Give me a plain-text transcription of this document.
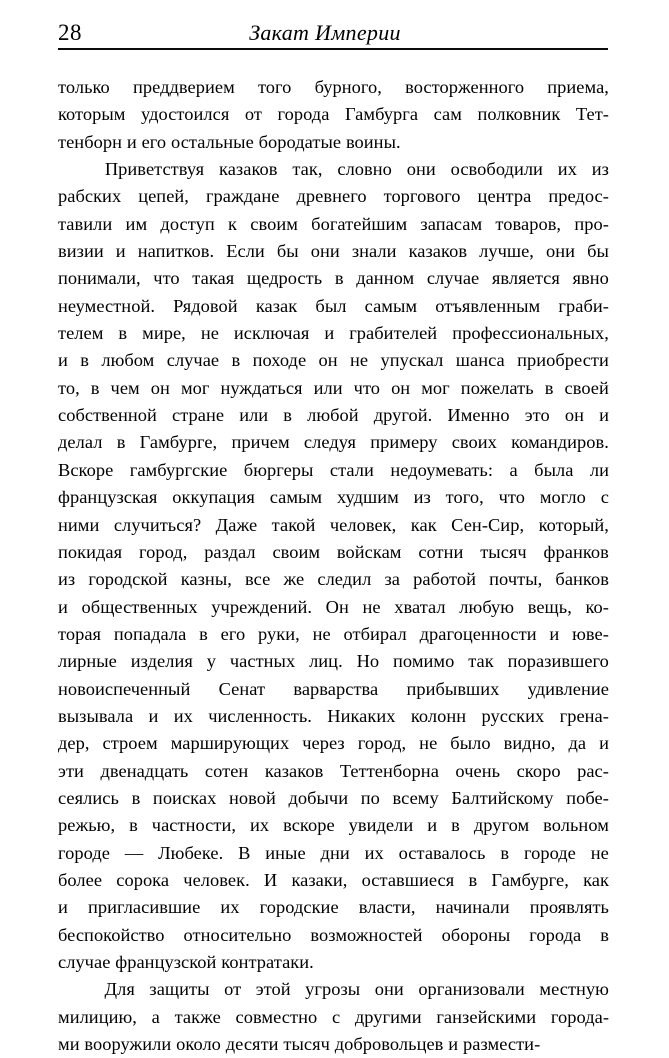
28	Закат Империи

только преддверием того бурного, восторженного приема,
которым удостоился от города Гамбурга сам полковник Тет-
тенборн и его остальные бородатые воины.

Приветствуя казаков так, словно они освободили их из
рабских цепей, граждане древнего торгового центра предос-
тавили им доступ к своим богатейшим запасам товаров, про-
визии и напитков. Если бы они знали казаков лучше, они бы
понимали, что такая щедрость в данном случае является явно
неуместной. Рядовой казак был самым отъявленным граби-
телем в мире, не исключая и грабителей профессиональных,
и в любом случае в походе он не упускал шанса приобрести
то, в чем он мог нуждаться или что он мог пожелать в своей
собственной стране или в любой другой. Именно это он и
делал в Гамбурге, причем следуя примеру своих командиров.
Вскоре гамбургские бюргеры стали недоумевать: а была ли
французская оккупация самым худшим из того, что могло с
ними случиться? Даже такой человек, как Сен-Сир, который,
покидая город, раздал своим войскам сотни тысяч франков
из городской казны, все же следил за работой почты, банков
и общественных учреждений. Он не хватал любую вещь, ко-
торая попадала в его руки, не отбирал драгоценности и юве-
лирные изделия у частных лиц. Но помимо так поразившего
новоиспеченный Сенат варварства прибывших удивление
вызывала и их численность. Никаких колонн русских грена-
дер, строем марширующих через город, не было видно, да и
эти двенадцать сотен казаков Теттенборна очень скоро рас-
сеялись в поисках новой добычи по всему Балтийскому побе-
режью, в частности, их вскоре увидели и в другом вольном
городе — Любеке. В иные дни их оставалось в городе не
более сорока человек. И казаки, оставшиеся в Гамбурге, как
и пригласившие их городские власти, начинали проявлять
беспокойство относительно возможностей обороны города в
случае французской контратаки.

Для защиты от этой угрозы они организовали местную
милицию, а также совместно с другими ганзейскими города-
ми вооружили около десяти тысяч добровольцев и размести-
